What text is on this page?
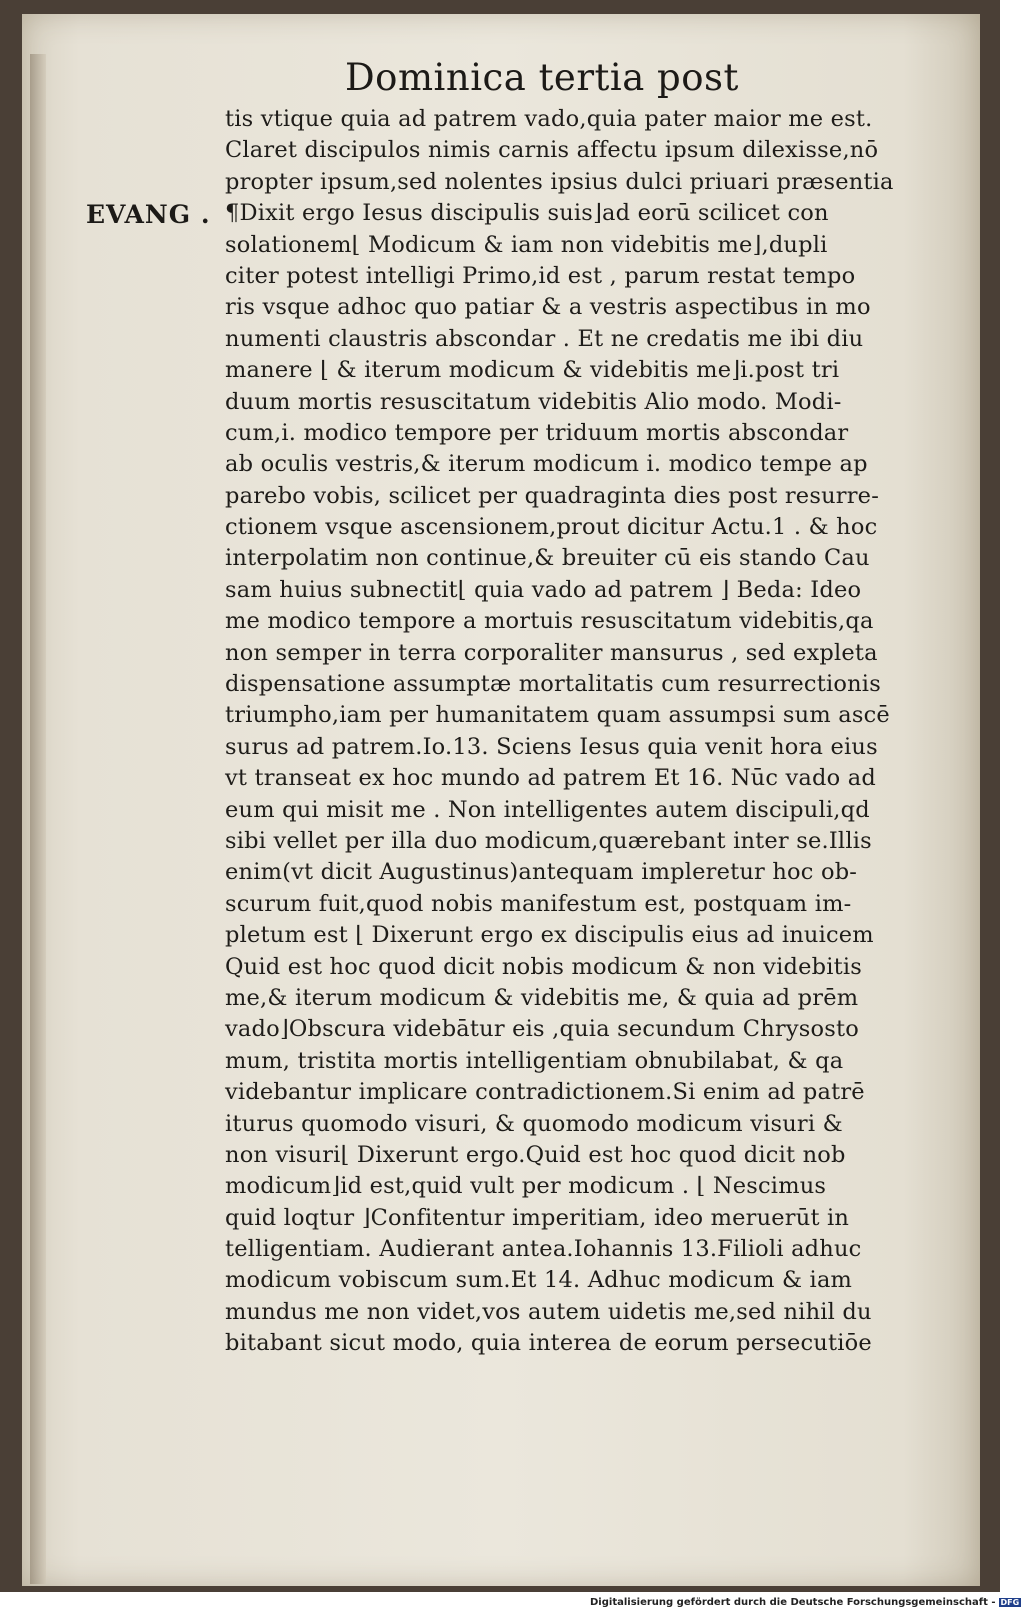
Dominica tertia post
EVANG .
tis vtique quia ad patrem vado,quia pater maior me est.
Claret discipulos nimis carnis affectu ipsum dilexisse,nō
propter ipsum,sed nolentes ipsius dulci priuari præsentia
¶Dixit ergo Iesus discipulis suis⌋ad eorū scilicet con
solationem⌊ Modicum & iam non videbitis me⌋,dupli
citer potest intelligi Primo,id est , parum restat tempo
ris vsque adhoc quo patiar & a vestris aspectibus in mo
numenti claustris abscondar . Et ne credatis me ibi diu
manere ⌊ & iterum modicum & videbitis me⌋i.post tri
duum mortis resuscitatum videbitis Alio modo. Modi-
cum,i. modico tempore per triduum mortis abscondar
ab oculis vestris,& iterum modicum i. modico tempe ap
parebo vobis, scilicet per quadraginta dies post resurre-
ctionem vsque ascensionem,prout dicitur Actu.1 . & hoc
interpolatim non continue,& breuiter cū eis stando Cau
sam huius subnectit⌊ quia vado ad patrem ⌋ Beda: Ideo
me modico tempore a mortuis resuscitatum videbitis,qa
non semper in terra corporaliter mansurus , sed expleta
dispensatione assumptæ mortalitatis cum resurrectionis
triumpho,iam per humanitatem quam assumpsi sum ascē
surus ad patrem.Io.13. Sciens Iesus quia venit hora eius
vt transeat ex hoc mundo ad patrem Et 16. Nūc vado ad
eum qui misit me . Non intelligentes autem discipuli,qd
sibi vellet per illa duo modicum,quærebant inter se.Illis
enim(vt dicit Augustinus)antequam impleretur hoc ob-
scurum fuit,quod nobis manifestum est, postquam im-
pletum est ⌊ Dixerunt ergo ex discipulis eius ad inuicem
Quid est hoc quod dicit nobis modicum & non videbitis
me,& iterum modicum & videbitis me, & quia ad prēm
vado⌋Obscura videbātur eis ,quia secundum Chrysosto
mum, tristita mortis intelligentiam obnubilabat, & qa
videbantur implicare contradictionem.Si enim ad patrē
iturus quomodo visuri, & quomodo modicum visuri &
non visuri⌊ Dixerunt ergo.Quid est hoc quod dicit nob
modicum⌋id est,quid vult per modicum . ⌊ Nescimus
quid loqtur ⌋Confitentur imperitiam, ideo meruerūt in
telligentiam. Audierant antea.Iohannis 13.Filioli adhuc
modicum vobiscum sum.Et 14. Adhuc modicum & iam
mundus me non videt,vos autem uidetis me,sed nihil du
bitabant sicut modo, quia interea de eorum persecutiōe
Digitalisierung gefördert durch die Deutsche Forschungsgemeinschaft - DFG
